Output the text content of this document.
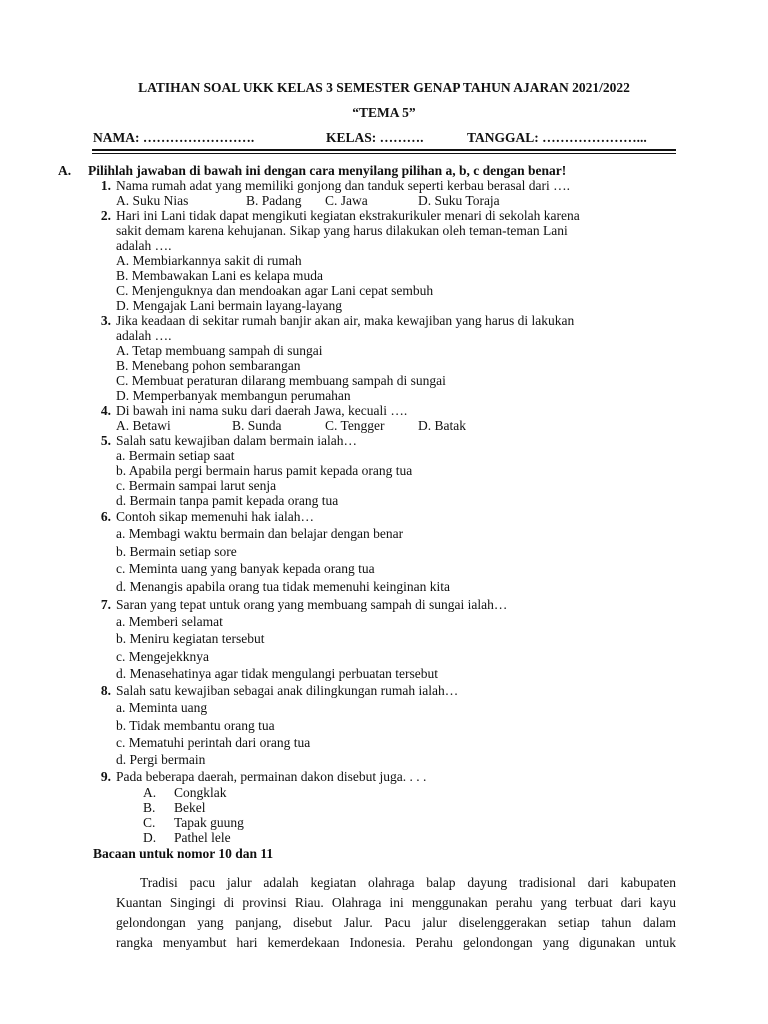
LATIHAN SOAL UKK KELAS 3 SEMESTER GENAP TAHUN AJARAN 2021/2022
“TEMA 5”
NAMA: …………………….	KELAS: ……….	TANGGAL: …………………...
A. Pilihlah jawaban di bawah ini dengan cara menyilang pilihan a, b, c dengan benar!
1. Nama rumah adat yang memiliki gonjong dan tanduk seperti kerbau berasal dari ….
A. Suku Nias	B. Padang C. Jawa	D. Suku Toraja
2. Hari ini Lani tidak dapat mengikuti kegiatan ekstrakurikuler menari di sekolah karena
sakit demam karena kehujanan. Sikap yang harus dilakukan oleh teman-teman Lani
adalah ….
A. Membiarkannya sakit di rumah
B. Membawakan Lani es kelapa muda
C. Menjenguknya dan mendoakan agar Lani cepat sembuh
D. Mengajak Lani bermain layang-layang
3. Jika keadaan di sekitar rumah banjir akan air, maka kewajiban yang harus di lakukan
adalah ….
A. Tetap membuang sampah di sungai
B. Menebang pohon sembarangan
C. Membuat peraturan dilarang membuang sampah di sungai
D. Memperbanyak membangun perumahan
4. Di bawah ini nama suku dari daerah Jawa, kecuali ….
A. Betawi	B. Sunda	C. Tengger D. Batak
5. Salah satu kewajiban dalam bermain ialah…
a. Bermain setiap saat
b. Apabila pergi bermain harus pamit kepada orang tua
c. Bermain sampai larut senja
d. Bermain tanpa pamit kepada orang tua
6. Contoh sikap memenuhi hak ialah…
a. Membagi waktu bermain dan belajar dengan benar
b. Bermain setiap sore
c. Meminta uang yang banyak kepada orang tua
d. Menangis apabila orang tua tidak memenuhi keinginan kita
7. Saran yang tepat untuk orang yang membuang sampah di sungai ialah…
a. Memberi selamat
b. Meniru kegiatan tersebut
c. Mengejekknya
d. Menasehatinya agar tidak mengulangi perbuatan tersebut
8. Salah satu kewajiban sebagai anak dilingkungan rumah ialah…
a. Meminta uang
b. Tidak membantu orang tua
c. Mematuhi perintah dari orang tua
d. Pergi bermain
9. Pada beberapa daerah, permainan dakon disebut juga. . . .
A. Congklak
B. Bekel
C. Tapak guung
D. Pathel lele
Bacaan untuk nomor 10 dan 11
Tradisi pacu jalur adalah kegiatan olahraga balap dayung tradisional dari kabupaten
Kuantan Singingi di provinsi Riau. Olahraga ini menggunakan perahu yang terbuat dari kayu
gelondongan yang panjang, disebut Jalur. Pacu jalur diselenggerakan setiap tahun dalam
rangka menyambut hari kemerdekaan Indonesia. Perahu gelondongan yang digunakan untuk
